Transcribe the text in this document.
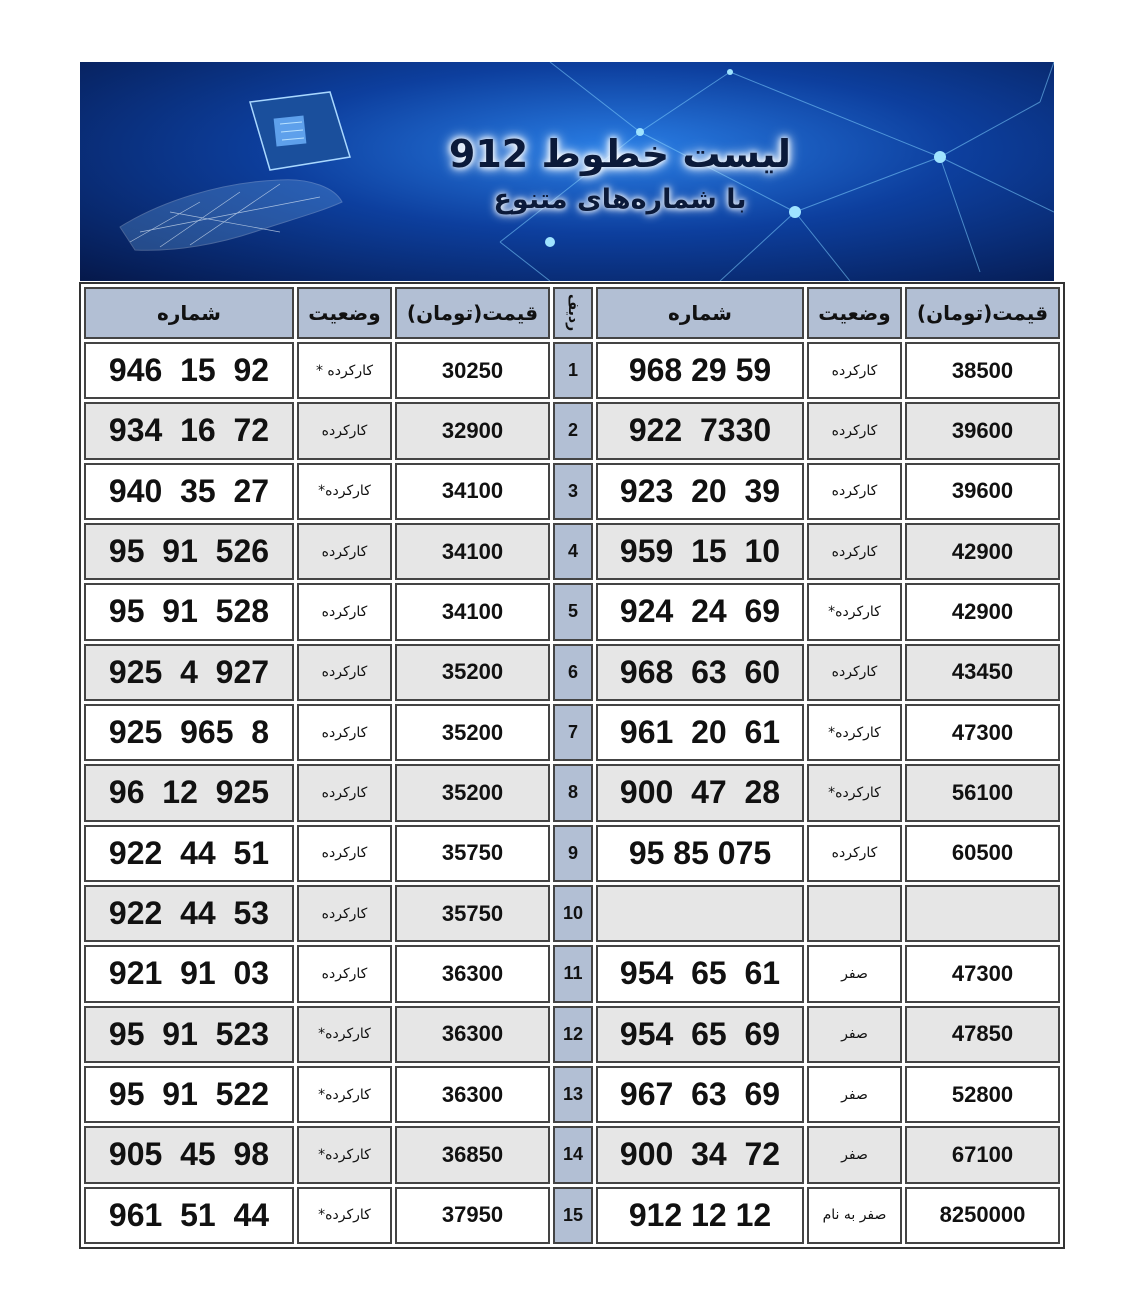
لیست خطوط 912
با شماره‌های متنوع
شماره	وضعیت	قیمت(تومان)	ردیف	شماره	وضعیت	قیمت(تومان)
946  15  92	کارکرده *	30250	1	968 29 59	کارکرده	38500
934  16  72	کارکرده	32900	2	922  7330	کارکرده	39600
940  35  27	کارکرده*	34100	3	923  20  39	کارکرده	39600
95  91  526	کارکرده	34100	4	959  15  10	کارکرده	42900
95  91  528	کارکرده	34100	5	924  24  69	کارکرده*	42900
925  4  927	کارکرده	35200	6	968  63  60	کارکرده	43450
925  965  8	کارکرده	35200	7	961  20  61	کارکرده*	47300
96  12  925	کارکرده	35200	8	900  47  28	کارکرده*	56100
922  44  51	کارکرده	35750	9	95 85 075	کارکرده	60500
922  44  53	کارکرده	35750	10			
921  91  03	کارکرده	36300	11	954  65  61	صفر	47300
95  91  523	کارکرده*	36300	12	954  65  69	صفر	47850
95  91  522	کارکرده*	36300	13	967  63  69	صفر	52800
905  45  98	کارکرده*	36850	14	900  34  72	صفر	67100
961  51  44	کارکرده*	37950	15	912 12 12	صفر به نام	8250000
